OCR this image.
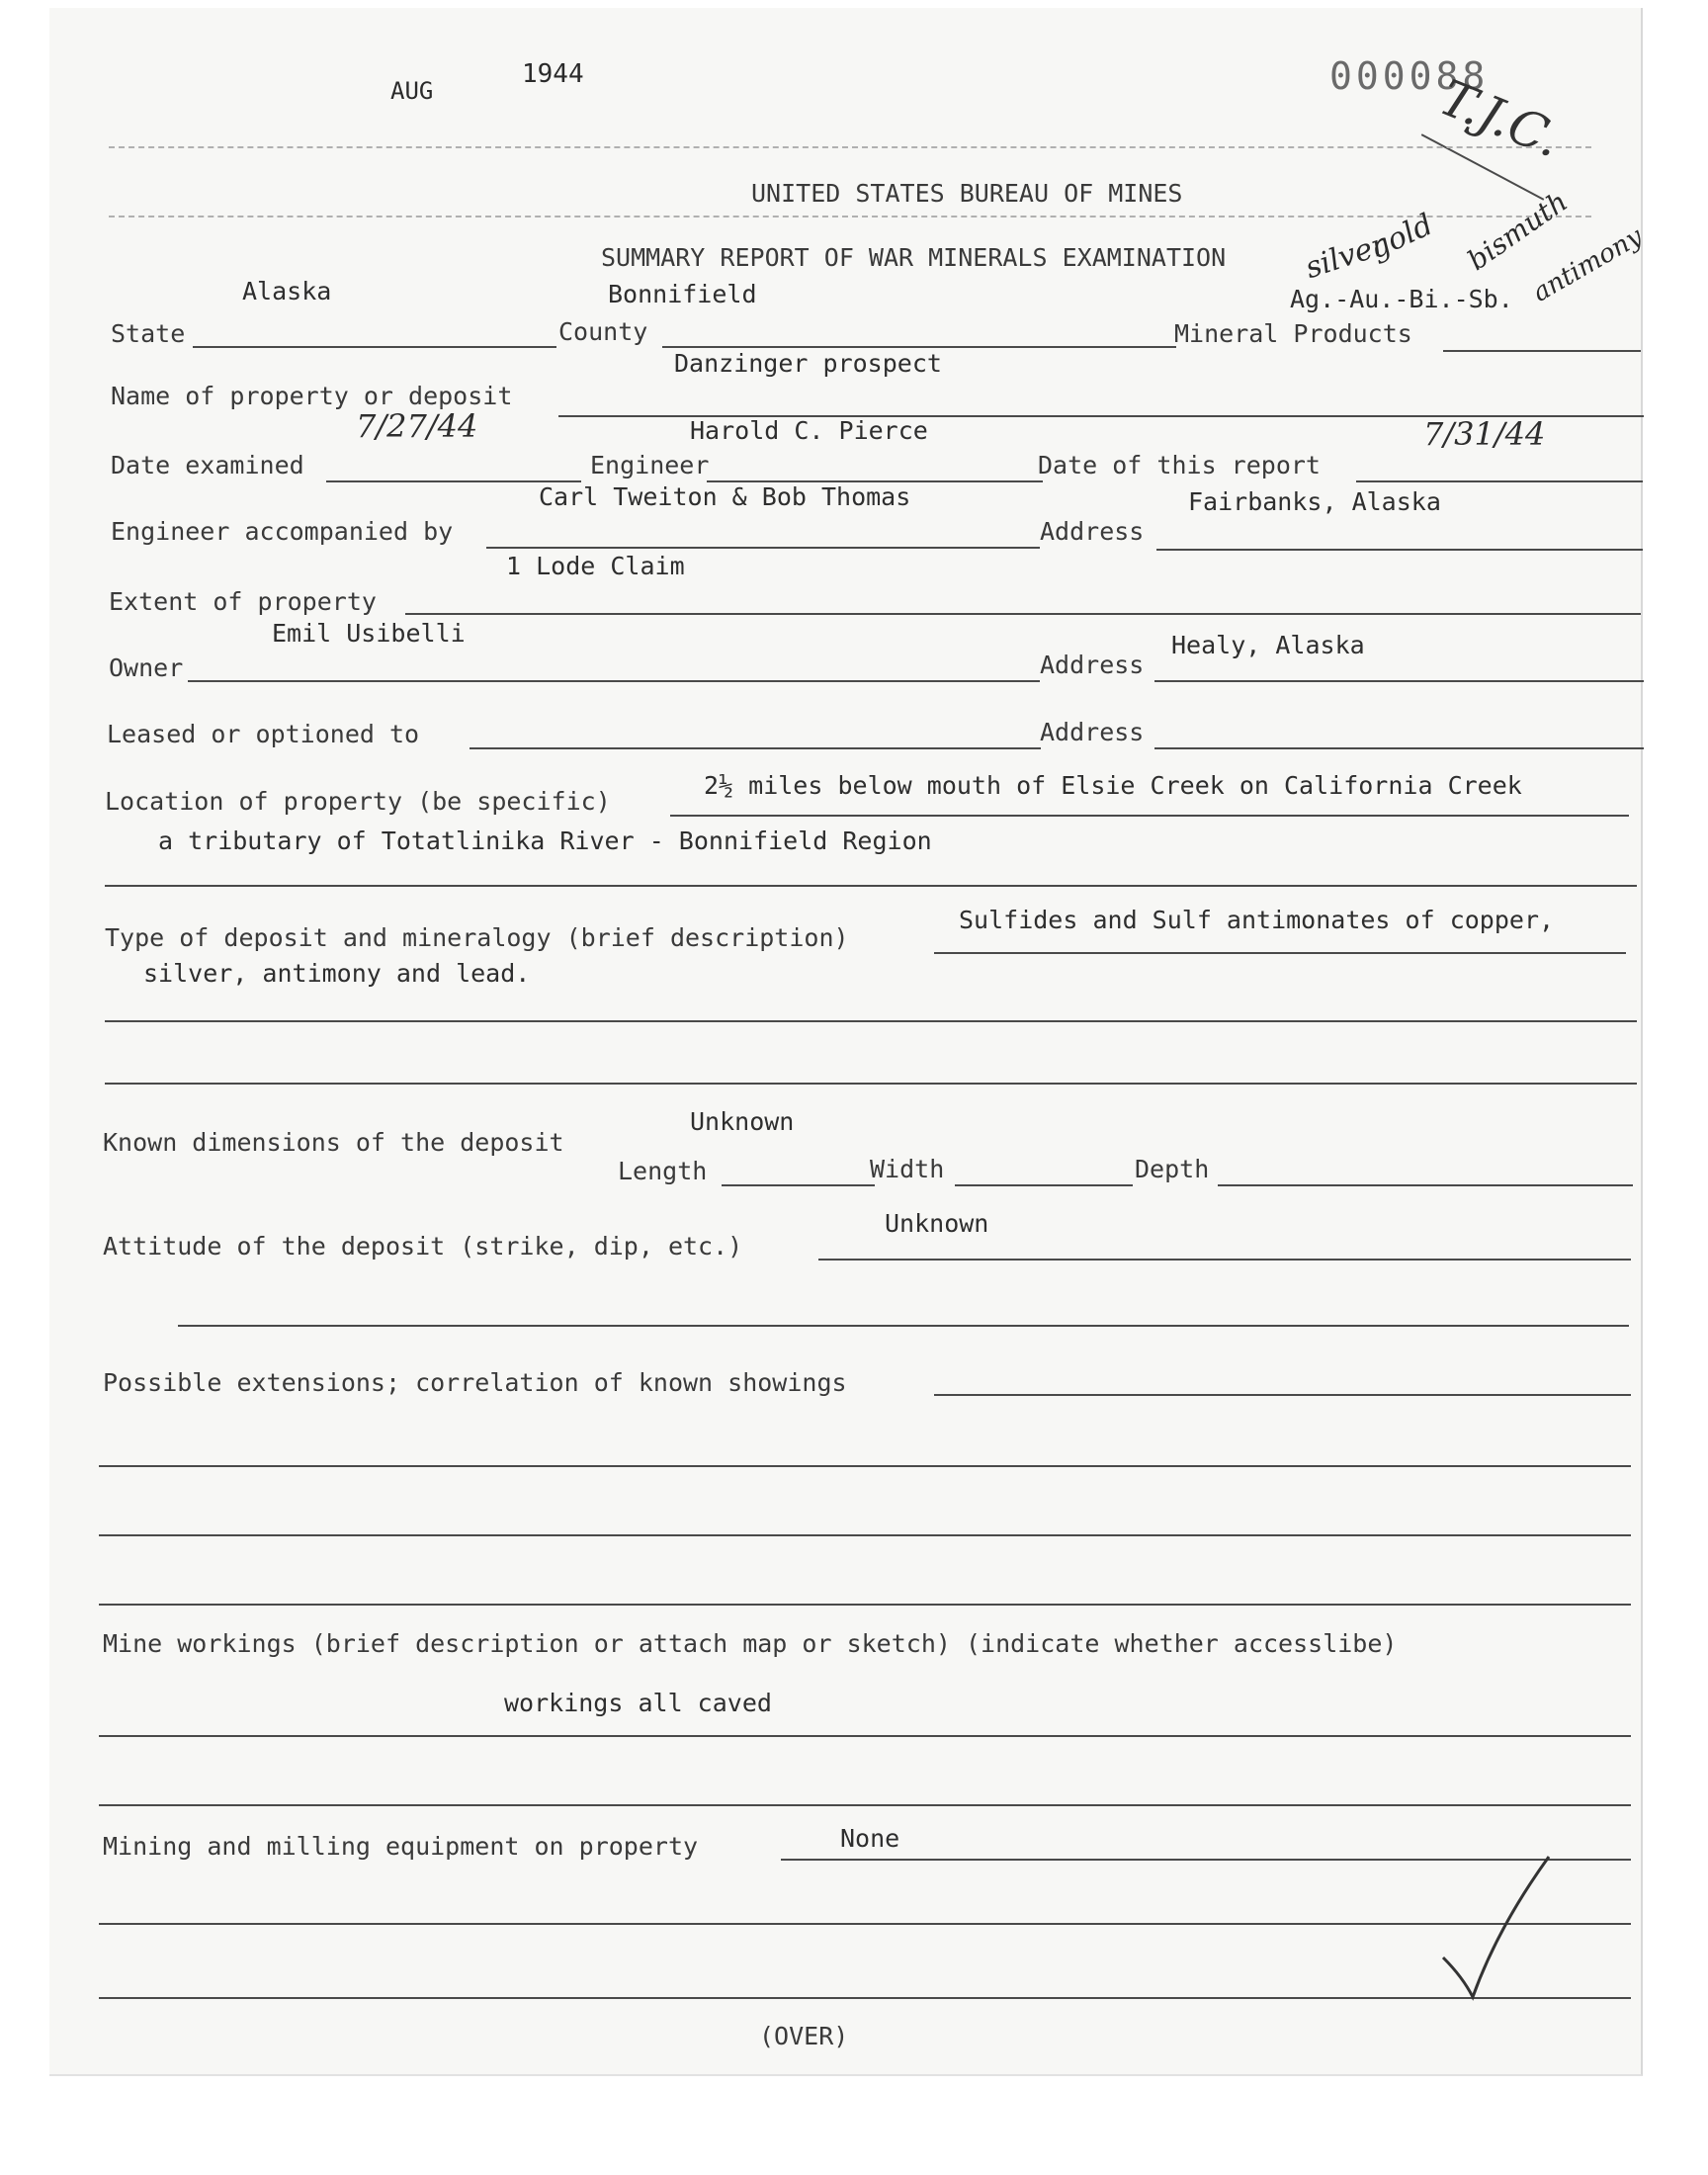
AUG
1944	000088
T.J.C.
UNITED STATES BUREAU OF MINES
SUMMARY REPORT OF WAR MINERALS EXAMINATION	silver
gold bismuth
antimony
Alaska	Bonnifield	Ag.-Au.-Bi.-Sb.
State	County	Mineral Products
Danzinger prospect
Name of property or deposit
7/27/44	Harold C. Pierce	7/31/44
Date examined	Engineer	Date of this report
Carl Tweiton & Bob Thomas	Fairbanks, Alaska
Engineer accompanied by	Address
1 Lode Claim
Extent of property
Emil Usibelli	Healy, Alaska
Owner	Address
Leased or optioned to	Address
2½ miles below mouth of Elsie Creek on California Creek
Location of property (be specific)
a tributary of Totatlinika River - Bonnifield Region
Sulfides and Sulf antimonates of copper,
Type of deposit and mineralogy (brief description)
silver, antimony and lead.
Unknown
Known dimensions of the deposit
Length	Width	Depth
Unknown
Attitude of the deposit (strike, dip, etc.)
Possible extensions; correlation of known showings
Mine workings (brief description or attach map or sketch) (indicate whether accesslibe)
workings all caved
Mining and milling equipment on property	None
(OVER)
